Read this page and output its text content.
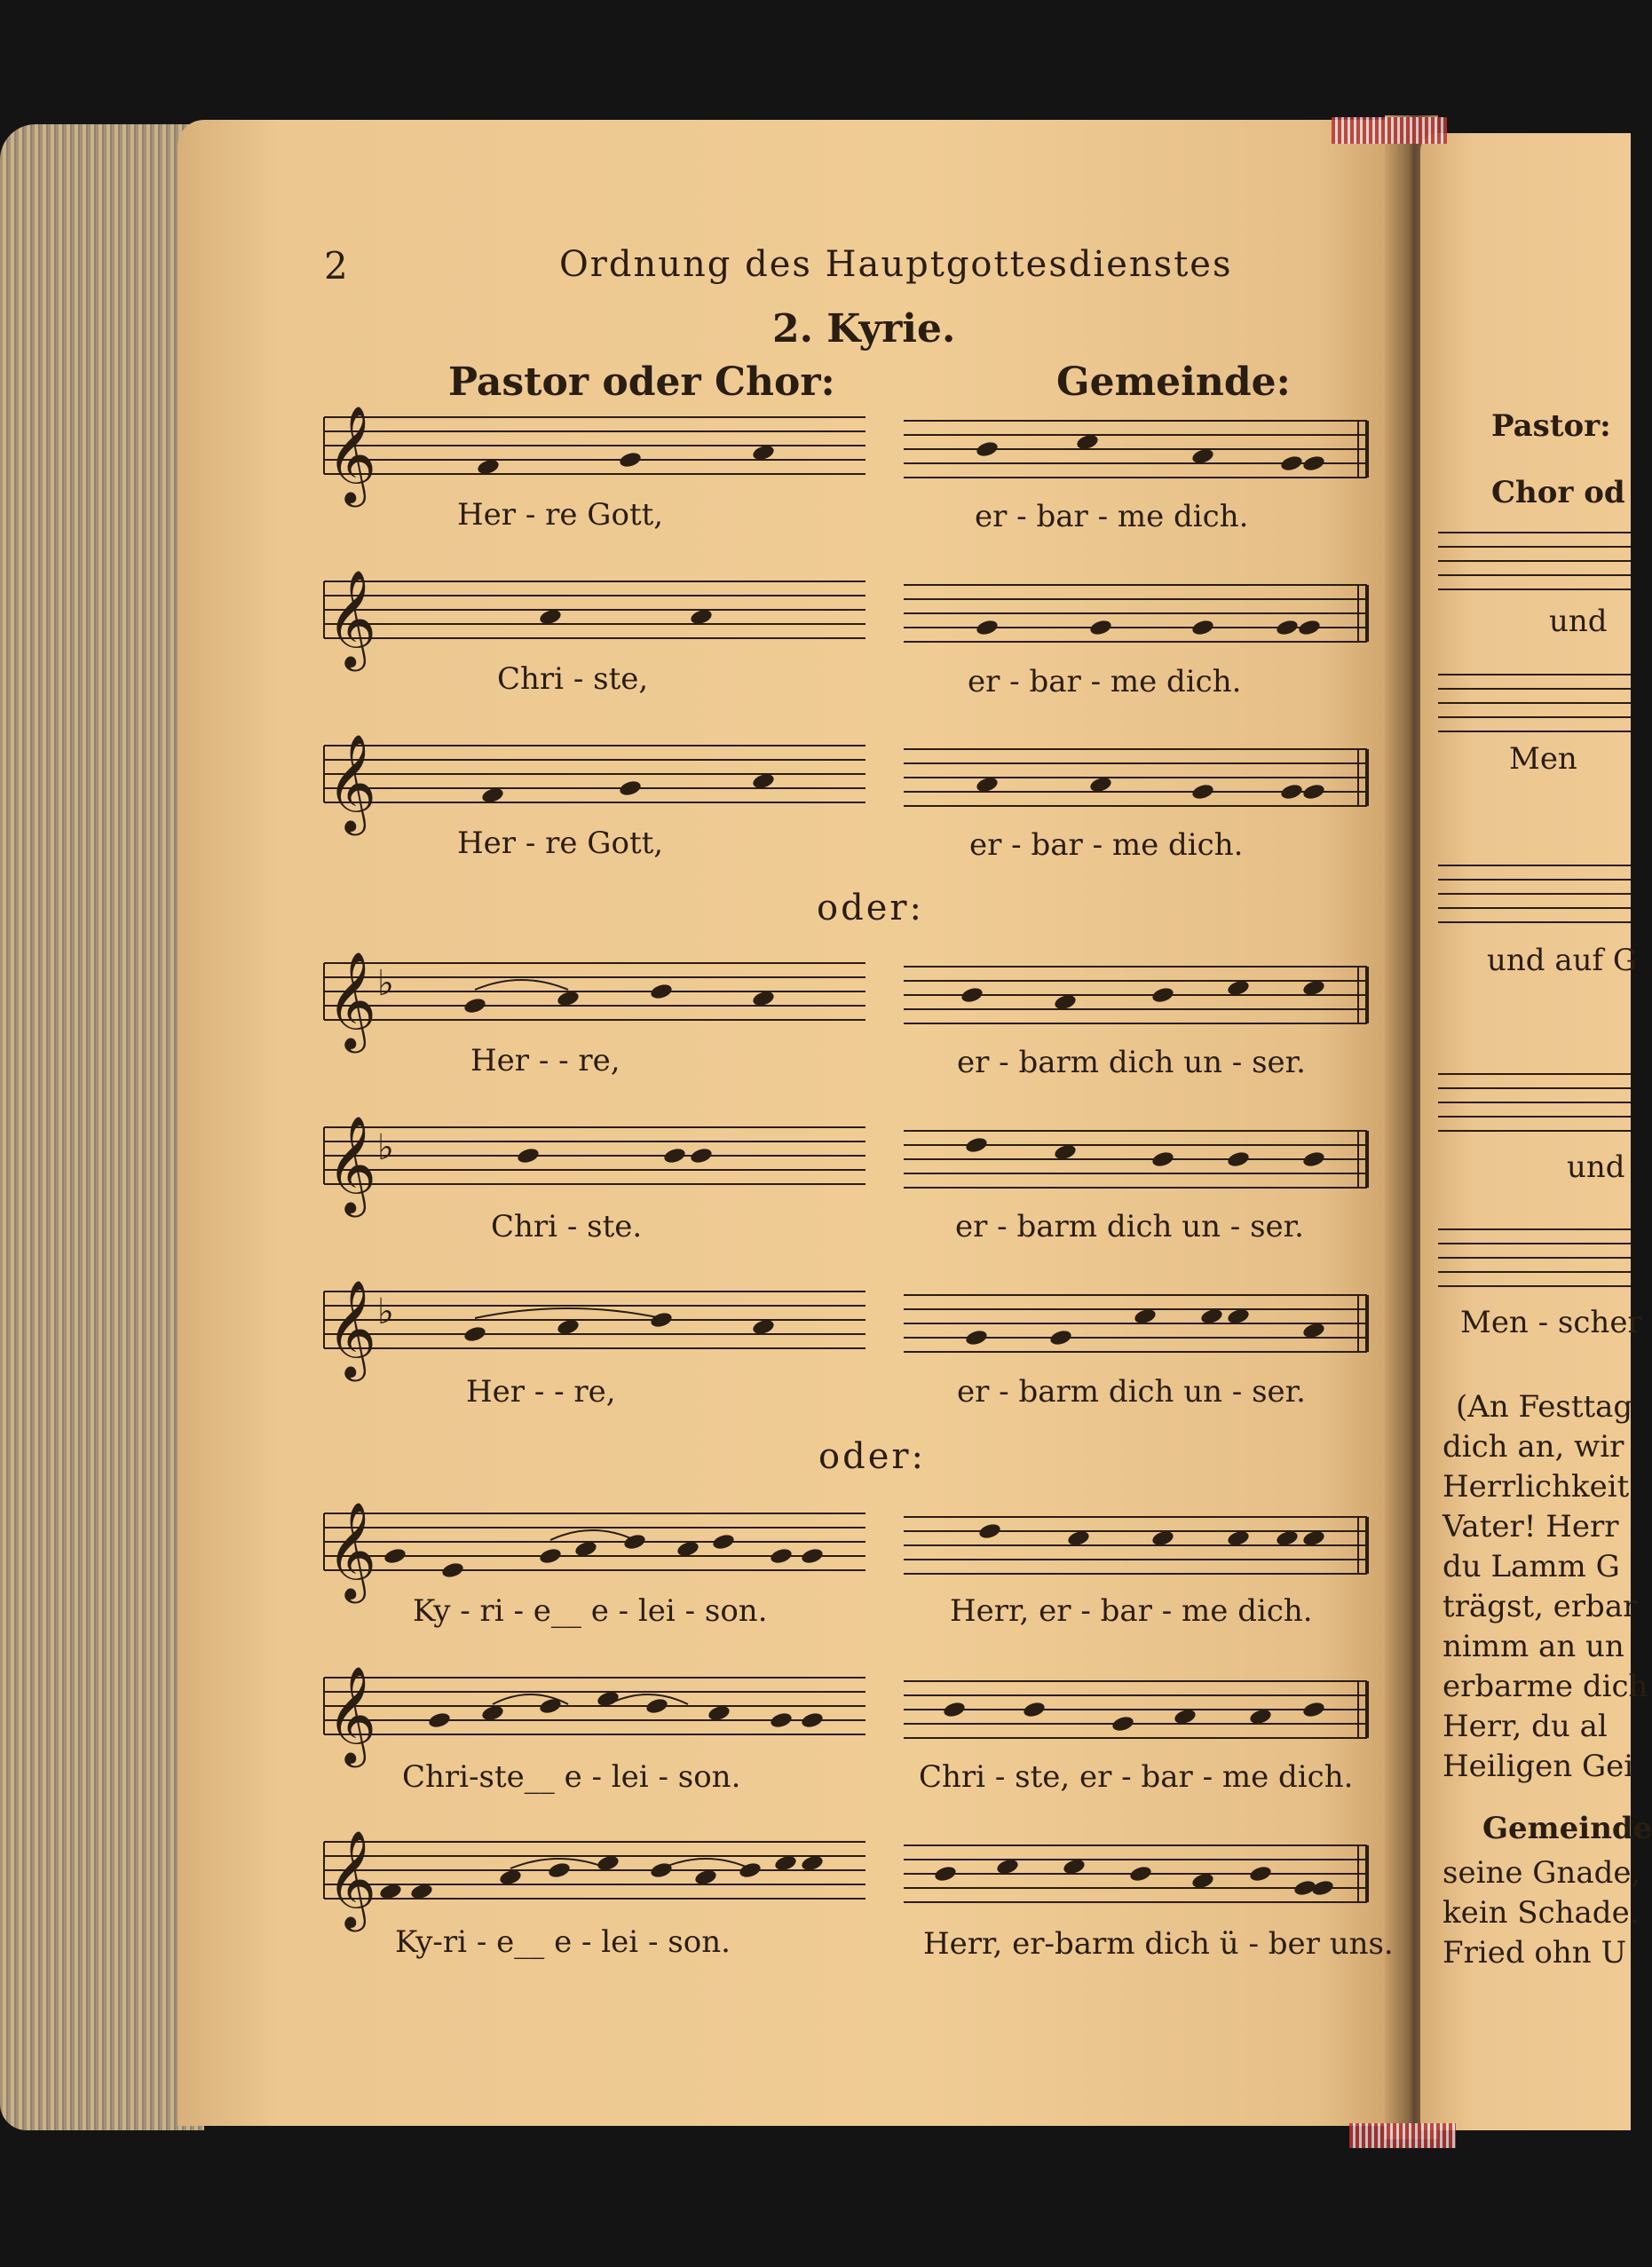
2	Ordnung des Hauptgottesdienstes
2. Kyrie.
Pastor oder Chor:	Gemeinde:
oder:
oder:
𝄞
𝄞
𝄞
𝄞 ♭
𝄞 ♭
𝄞 ♭
𝄞
𝄞
𝄞
Her - re Gott,	er - bar - me dich.
Chri - ste,	er - bar - me dich.
Her - re Gott,	er - bar - me dich.
Her - - re,	er - barm dich un - ser.
Chri - ste.	er - barm dich un - ser.
Her - - re,	er - barm dich un - ser.
Ky - ri - e__ e - lei - son.	Herr, er - bar - me dich.
Chri-ste__ e - lei - son.	Chri - ste, er - bar - me dich.
Ky-ri - e__ e - lei - son.	Herr, er-barm dich ü - ber uns.
Pastor:
Chor od
und
Men
und auf G
und
Men - scher
(An Festtag
dich an, wir
Herrlichkeit
Vater! Herr
du Lamm G
trägst, erbar
nimm an un
erbarme dich
Herr, du al
Heiligen Gei
Gemeinde
seine Gnade,
kein Schade.
Fried ohn U
